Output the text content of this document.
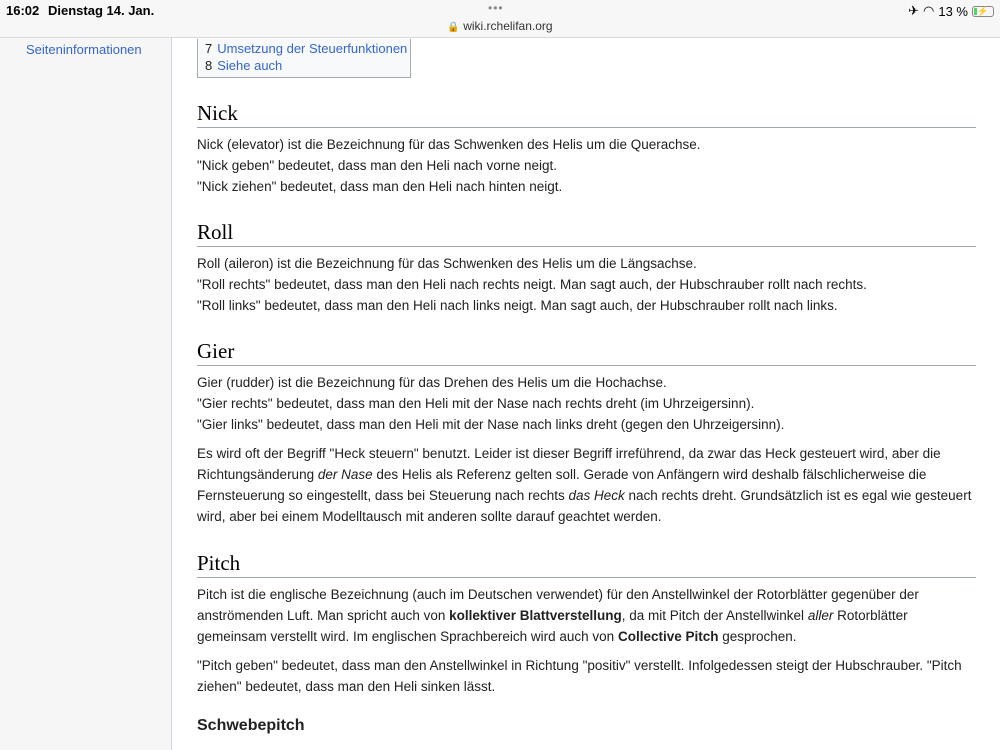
Seiteninformationen	7 Umsetzung der Steuerfunktionen
8 Siehe auch
16:02 Dienstag 14. Jan.	•••
🔒 wiki.rchelifan.org
✈ ◠ 13 %	⚡
Nick
Nick (elevator) ist die Bezeichnung für das Schwenken des Helis um die Querachse.
"Nick geben" bedeutet, dass man den Heli nach vorne neigt.
"Nick ziehen" bedeutet, dass man den Heli nach hinten neigt.
Roll
Roll (aileron) ist die Bezeichnung für das Schwenken des Helis um die Längsachse.
"Roll rechts" bedeutet, dass man den Heli nach rechts neigt. Man sagt auch, der Hubschrauber rollt nach rechts.
"Roll links" bedeutet, dass man den Heli nach links neigt. Man sagt auch, der Hubschrauber rollt nach links.
Gier
Gier (rudder) ist die Bezeichnung für das Drehen des Helis um die Hochachse.
"Gier rechts" bedeutet, dass man den Heli mit der Nase nach rechts dreht (im Uhrzeigersinn).
"Gier links" bedeutet, dass man den Heli mit der Nase nach links dreht (gegen den Uhrzeigersinn).
Es wird oft der Begriff "Heck steuern" benutzt. Leider ist dieser Begriff irreführend, da zwar das Heck gesteuert wird, aber die Richtungsänderung der Nase des Helis als Referenz gelten soll. Gerade von Anfängern wird deshalb fälschlicherweise die Fernsteuerung so eingestellt, dass bei Steuerung nach rechts das Heck nach rechts dreht. Grundsätzlich ist es egal wie gesteuert wird, aber bei einem Modelltausch mit anderen sollte darauf geachtet werden.
Pitch
Pitch ist die englische Bezeichnung (auch im Deutschen verwendet) für den Anstellwinkel der Rotorblätter gegenüber der anströmenden Luft. Man spricht auch von kollektiver Blattverstellung, da mit Pitch der Anstellwinkel aller Rotorblätter gemeinsam verstellt wird. Im englischen Sprachbereich wird auch von Collective Pitch gesprochen.
"Pitch geben" bedeutet, dass man den Anstellwinkel in Richtung "positiv" verstellt. Infolgedessen steigt der Hubschrauber. "Pitch ziehen" bedeutet, dass man den Heli sinken lässt.
Schwebepitch
